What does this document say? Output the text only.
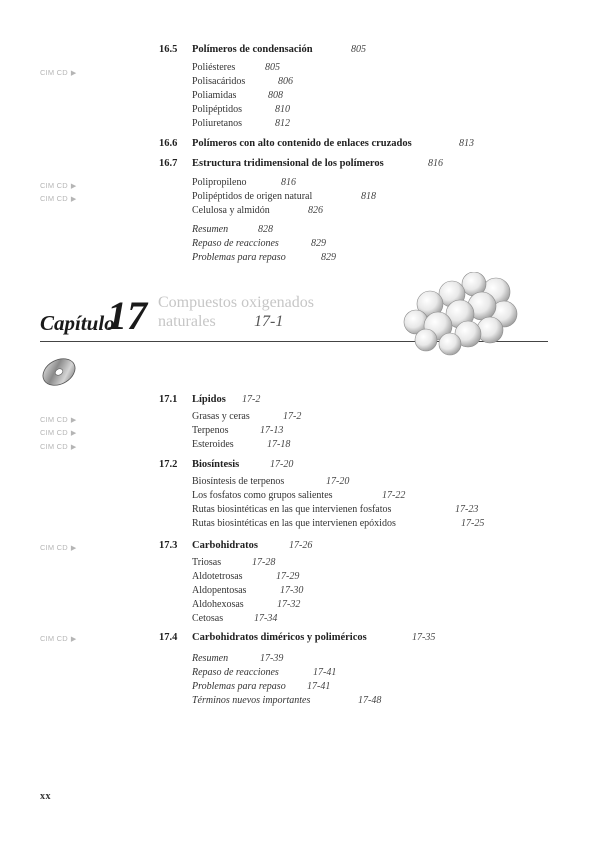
16.5 Polímeros de condensación	805
CIM CD ▶
Poliésteres	805
Polisacáridos	806
Poliamidas	808
Polipéptidos	810
Poliuretanos	812
16.6 Polímeros con alto contenido de enlaces cruzados	813
16.7 Estructura tridimensional de los polímeros	816
CIM CD ▶
CIM CD ▶
Polipropileno	816
Polipéptidos de origen natural	818
Celulosa y almidón	826
Resumen	828
Repaso de reacciones	829
Problemas para repaso	829
Capítulo
17 Compuestos oxigenados
naturales 17-1
17.1 Lípidos 17-2
CIM CD ▶
CIM CD ▶
CIM CD ▶
Grasas y ceras	17-2
Terpenos	17-13
Esteroides	17-18
17.2 Biosíntesis	17-20
Biosíntesis de terpenos	17-20
Los fosfatos como grupos salientes	17-22
Rutas biosintéticas en las que intervienen fosfatos	17-23
Rutas biosintéticas en las que intervienen epóxidos	17-25
CIM CD ▶	17.3 Carbohidratos	17-26
Triosas	17-28
Aldotetrosas	17-29
Aldopentosas	17-30
Aldohexosas	17-32
Cetosas	17-34
CIM CD ▶	17.4 Carbohidratos diméricos y poliméricos	17-35
Resumen	17-39
Repaso de reacciones	17-41
Problemas para repaso 17-41
Términos nuevos importantes	17-48
xx
